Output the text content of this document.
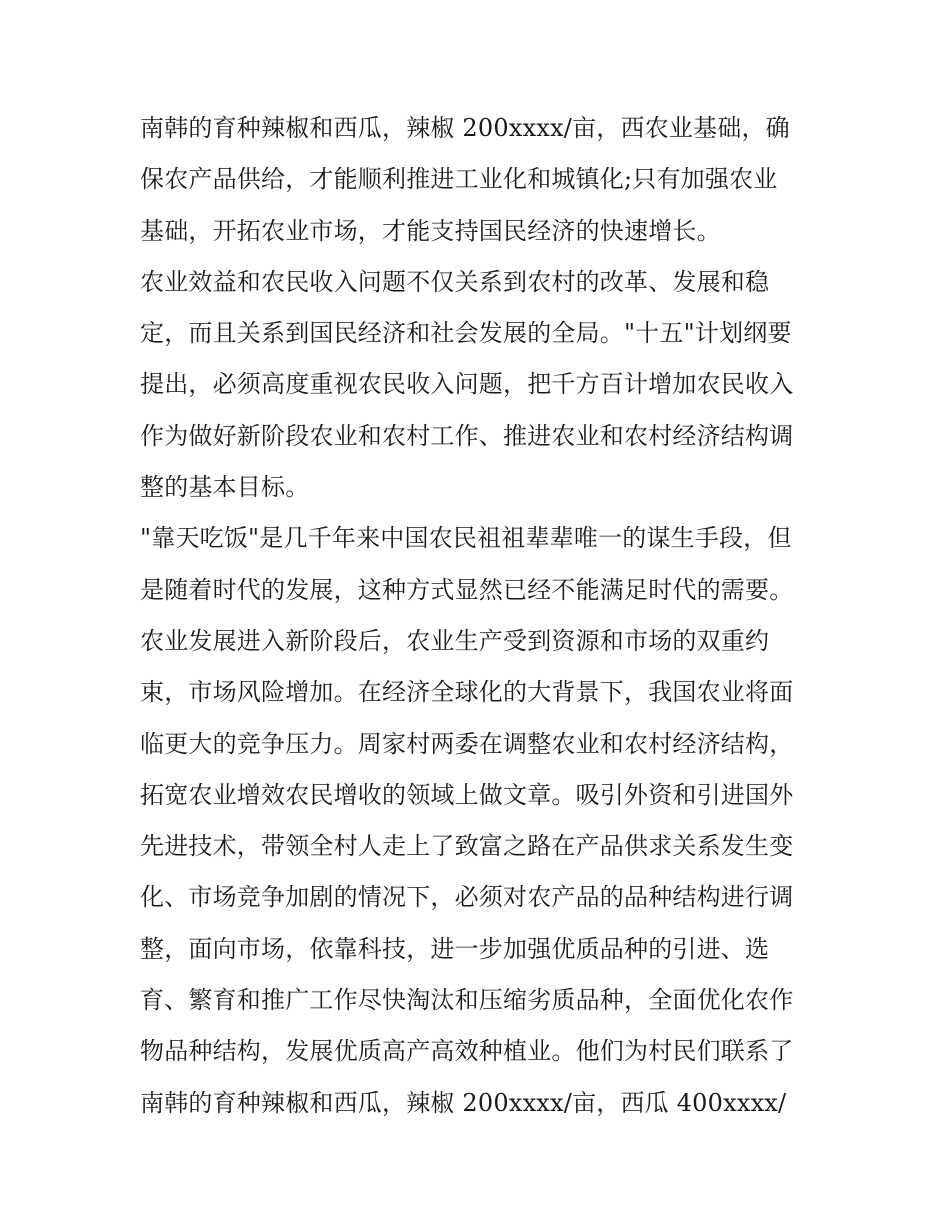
南韩的育种辣椒和西瓜，辣椒 200xxxx/亩，西农业基础，确
保农产品供给，才能顺利推进工业化和城镇化;只有加强农业
基础，开拓农业市场，才能支持国民经济的快速增长。
农业效益和农民收入问题不仅关系到农村的改革、发展和稳
定，而且关系到国民经济和社会发展的全局。"十五"计划纲要
提出，必须高度重视农民收入问题，把千方百计增加农民收入
作为做好新阶段农业和农村工作、推进农业和农村经济结构调
整的基本目标。
"靠天吃饭"是几千年来中国农民祖祖辈辈唯一的谋生手段，但
是随着时代的发展，这种方式显然已经不能满足时代的需要。
农业发展进入新阶段后，农业生产受到资源和市场的双重约
束，市场风险增加。在经济全球化的大背景下，我国农业将面
临更大的竞争压力。周家村两委在调整农业和农村经济结构，
拓宽农业增效农民增收的领域上做文章。吸引外资和引进国外
先进技术，带领全村人走上了致富之路在产品供求关系发生变
化、市场竞争加剧的情况下，必须对农产品的品种结构进行调
整，面向市场，依靠科技，进一步加强优质品种的引进、选
育、繁育和推广工作尽快淘汰和压缩劣质品种，全面优化农作
物品种结构，发展优质高产高效种植业。他们为村民们联系了
南韩的育种辣椒和西瓜，辣椒 200xxxx/亩，西瓜 400xxxx/
